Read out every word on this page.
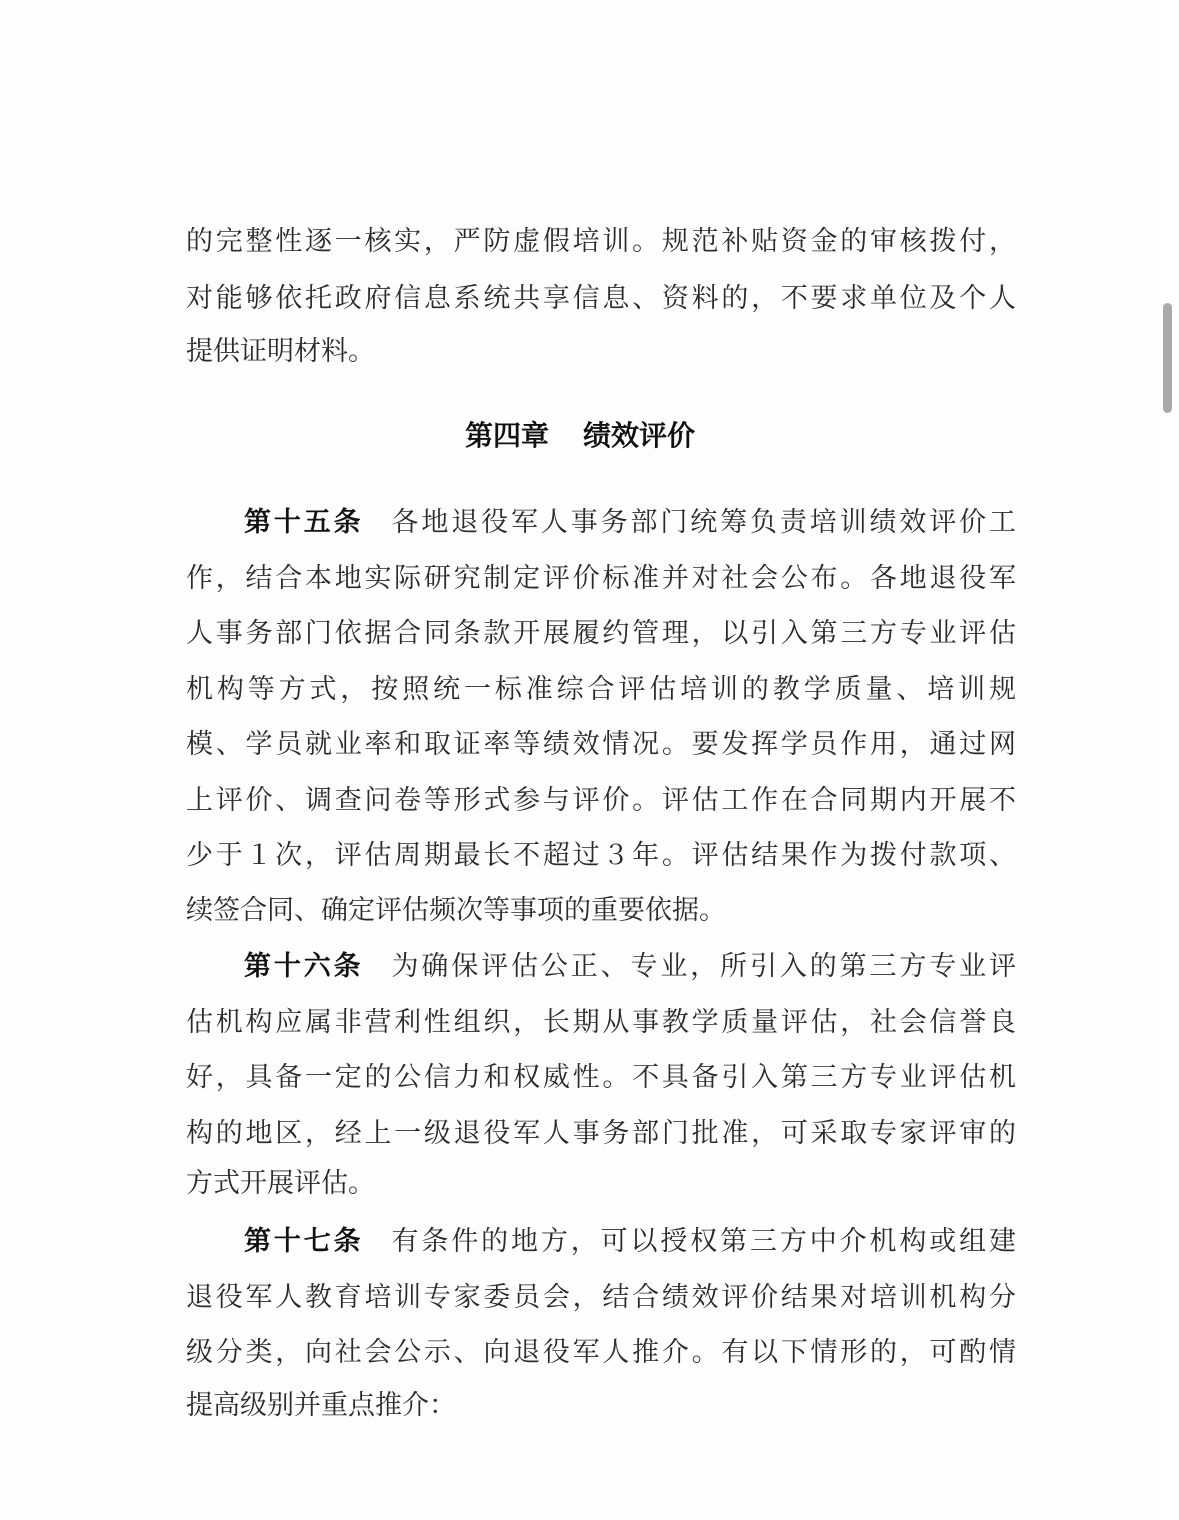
的完整性逐一核实，严防虚假培训。规范补贴资金的审核拨付，

对能够依托政府信息系统共享信息、资料的，不要求单位及个人

提供证明材料。

第四章 绩效评价

第十五条 各地退役军人事务部门统筹负责培训绩效评价工

作，结合本地实际研究制定评价标准并对社会公布。各地退役军

人事务部门依据合同条款开展履约管理，以引入第三方专业评估

机构等方式，按照统一标准综合评估培训的教学质量、培训规

模、学员就业率和取证率等绩效情况。要发挥学员作用，通过网

上评价、调查问卷等形式参与评价。评估工作在合同期内开展不

少于１次，评估周期最长不超过３年。评估结果作为拨付款项、

续签合同、确定评估频次等事项的重要依据。

第十六条 为确保评估公正、专业，所引入的第三方专业评

估机构应属非营利性组织，长期从事教学质量评估，社会信誉良

好，具备一定的公信力和权威性。不具备引入第三方专业评估机

构的地区，经上一级退役军人事务部门批准，可采取专家评审的

方式开展评估。

第十七条 有条件的地方，可以授权第三方中介机构或组建

退役军人教育培训专家委员会，结合绩效评价结果对培训机构分

级分类，向社会公示、向退役军人推介。有以下情形的，可酌情

提高级别并重点推介：
